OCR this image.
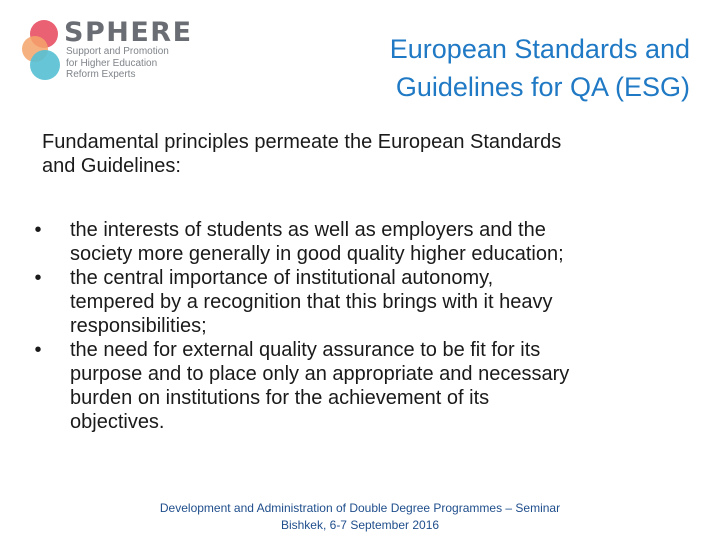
SPHERE
Support and Promotion
for Higher Education
Reform Experts
European Standards and
Guidelines for QA (ESG)
Fundamental principles permeate the European Standards
and Guidelines:
•	the interests of students as well as employers and the
society more generally in good quality higher education;
•	the central importance of institutional autonomy,
tempered by a recognition that this brings with it heavy
responsibilities;
•	the need for external quality assurance to be fit for its
purpose and to place only an appropriate and necessary
burden on institutions for the achievement of its
objectives.
Development and Administration of Double Degree Programmes – Seminar
Bishkek, 6-7 September 2016
